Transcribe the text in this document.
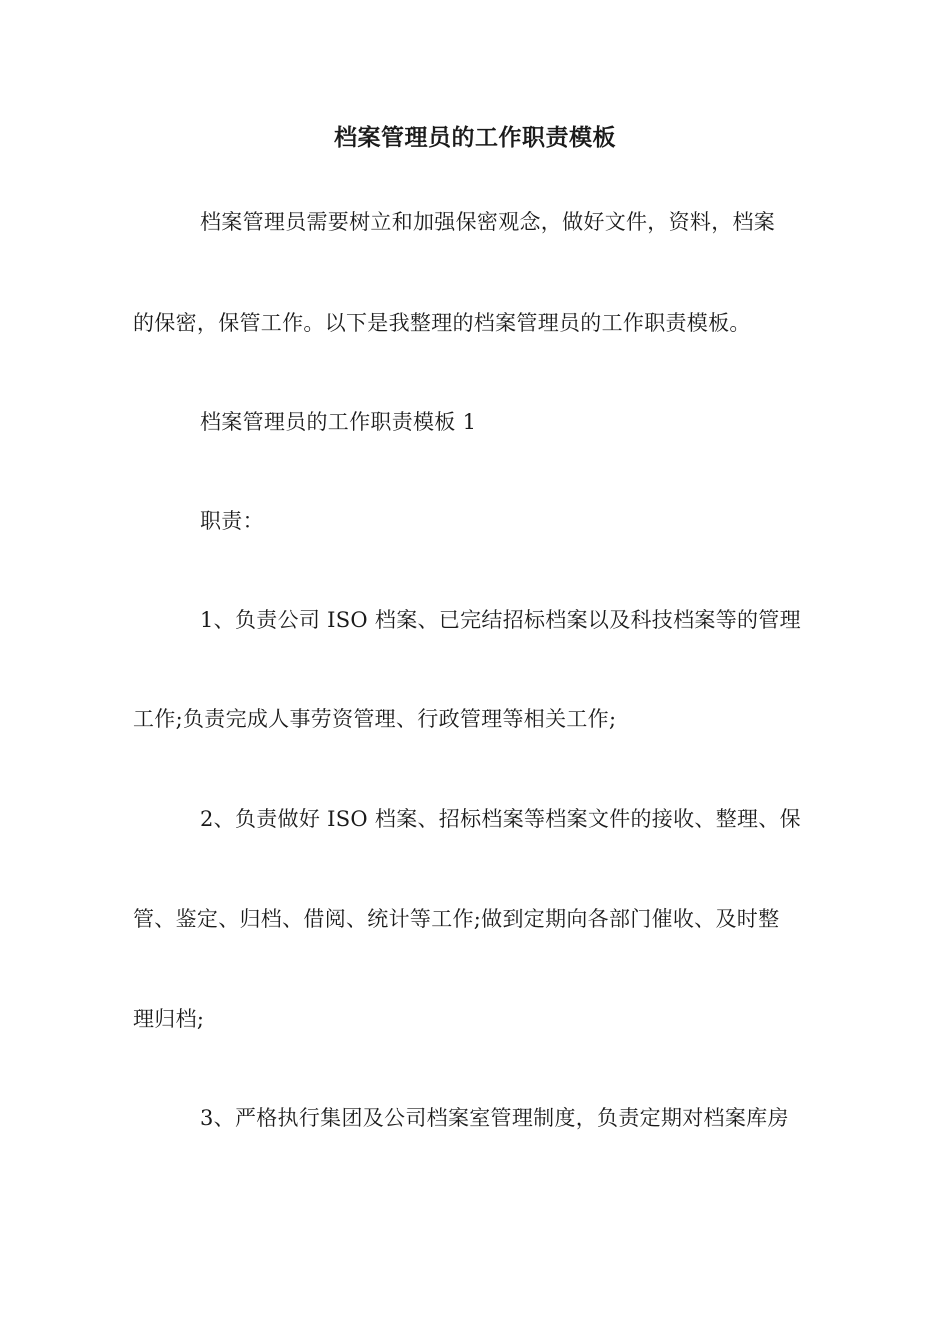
档案管理员的工作职责模板
档案管理员需要树立和加强保密观念，做好文件，资料，档案
的保密，保管工作。以下是我整理的档案管理员的工作职责模板。
档案管理员的工作职责模板 1
职责：
1、负责公司 ISO 档案、已完结招标档案以及科技档案等的管理
工作;负责完成人事劳资管理、行政管理等相关工作;
2、负责做好 ISO 档案、招标档案等档案文件的接收、整理、保
管、鉴定、归档、借阅、统计等工作;做到定期向各部门催收、及时整
理归档;
3、严格执行集团及公司档案室管理制度，负责定期对档案库房
